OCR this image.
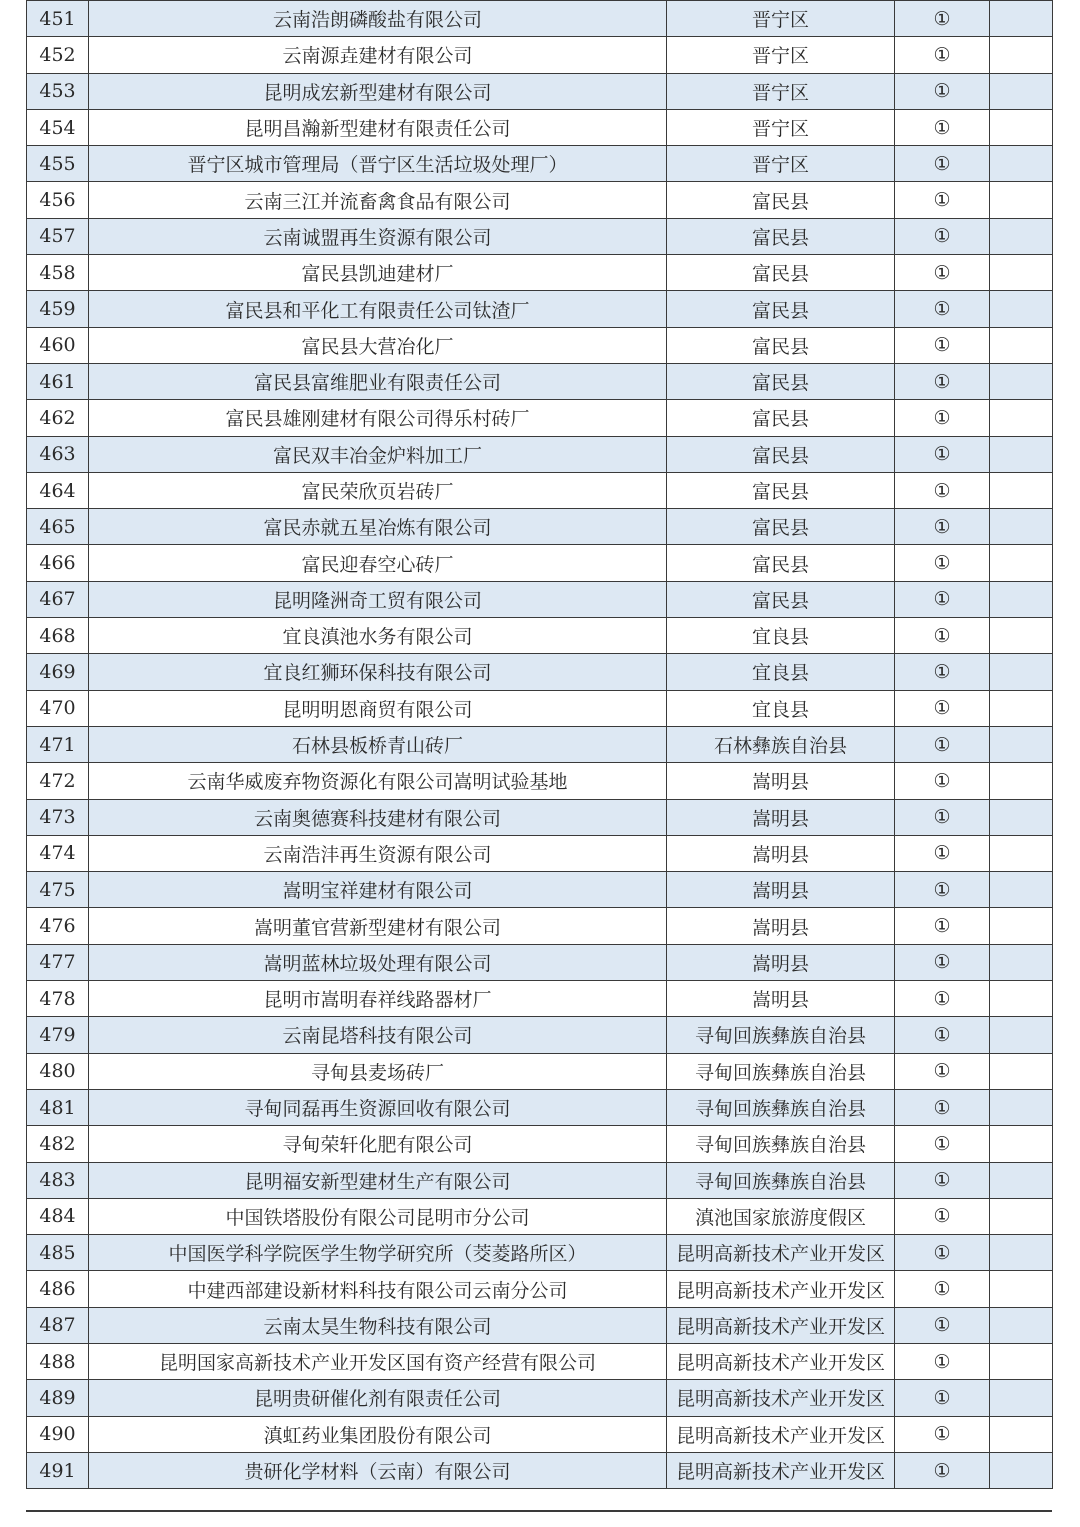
451	云南浩朗磷酸盐有限公司	晋宁区	①	
452	云南源垚建材有限公司	晋宁区	①	
453	昆明成宏新型建材有限公司	晋宁区	①	
454	昆明昌瀚新型建材有限责任公司	晋宁区	①	
455	晋宁区城市管理局（晋宁区生活垃圾处理厂）	晋宁区	①	
456	云南三江并流畜禽食品有限公司	富民县	①	
457	云南诚盟再生资源有限公司	富民县	①	
458	富民县凯迪建材厂	富民县	①	
459	富民县和平化工有限责任公司钛渣厂	富民县	①	
460	富民县大营冶化厂	富民县	①	
461	富民县富维肥业有限责任公司	富民县	①	
462	富民县雄刚建材有限公司得乐村砖厂	富民县	①	
463	富民双丰冶金炉料加工厂	富民县	①	
464	富民荣欣页岩砖厂	富民县	①	
465	富民赤就五星冶炼有限公司	富民县	①	
466	富民迎春空心砖厂	富民县	①	
467	昆明隆洲奇工贸有限公司	富民县	①	
468	宜良滇池水务有限公司	宜良县	①	
469	宜良红狮环保科技有限公司	宜良县	①	
470	昆明明恩商贸有限公司	宜良县	①	
471	石林县板桥青山砖厂	石林彝族自治县	①	
472	云南华威废弃物资源化有限公司嵩明试验基地	嵩明县	①	
473	云南奥德赛科技建材有限公司	嵩明县	①	
474	云南浩沣再生资源有限公司	嵩明县	①	
475	嵩明宝祥建材有限公司	嵩明县	①	
476	嵩明董官营新型建材有限公司	嵩明县	①	
477	嵩明蓝林垃圾处理有限公司	嵩明县	①	
478	昆明市嵩明春祥线路器材厂	嵩明县	①	
479	云南昆塔科技有限公司	寻甸回族彝族自治县	①	
480	寻甸县麦场砖厂	寻甸回族彝族自治县	①	
481	寻甸同磊再生资源回收有限公司	寻甸回族彝族自治县	①	
482	寻甸荣轩化肥有限公司	寻甸回族彝族自治县	①	
483	昆明福安新型建材生产有限公司	寻甸回族彝族自治县	①	
484	中国铁塔股份有限公司昆明市分公司	滇池国家旅游度假区	①	
485	中国医学科学院医学生物学研究所（茭菱路所区）	昆明高新技术产业开发区	①	
486	中建西部建设新材料科技有限公司云南分公司	昆明高新技术产业开发区	①	
487	云南太昊生物科技有限公司	昆明高新技术产业开发区	①	
488	昆明国家高新技术产业开发区国有资产经营有限公司	昆明高新技术产业开发区	①	
489	昆明贵研催化剂有限责任公司	昆明高新技术产业开发区	①	
490	滇虹药业集团股份有限公司	昆明高新技术产业开发区	①	
491	贵研化学材料（云南）有限公司	昆明高新技术产业开发区	①	
